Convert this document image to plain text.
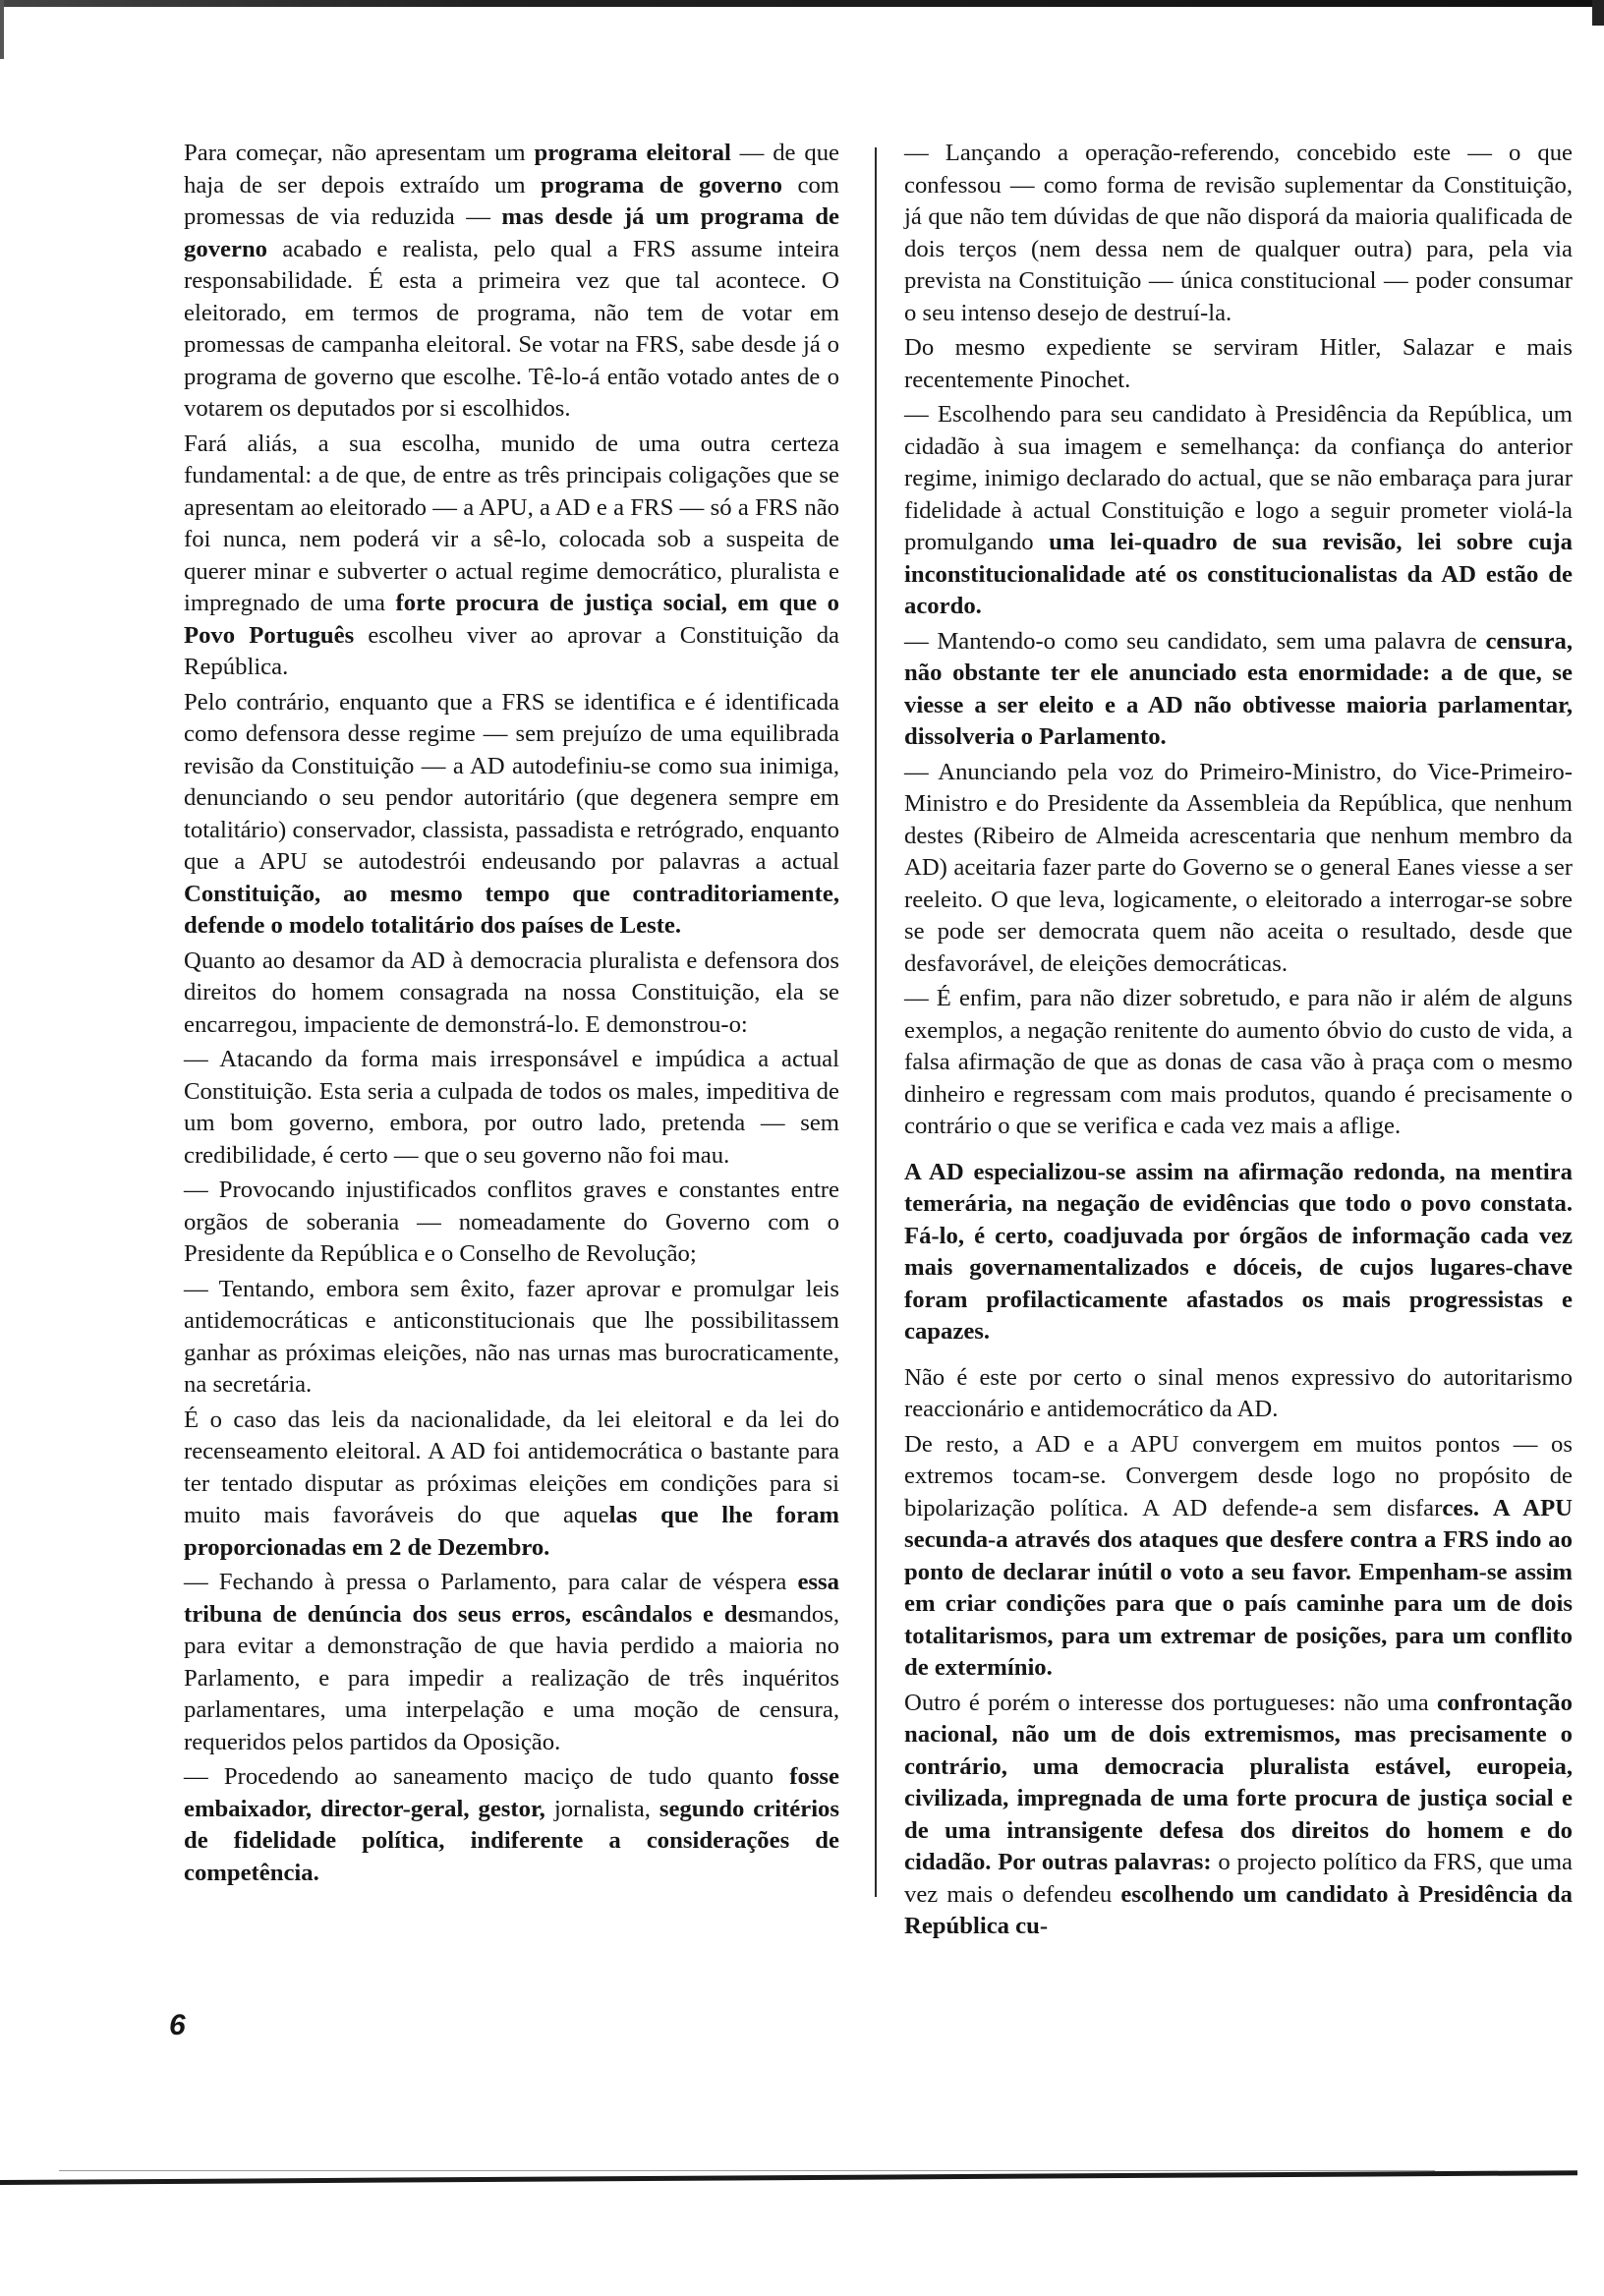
Para começar, não apresentam um programa eleitoral — de que haja de ser depois extraído um programa de governo com promessas de via reduzida — mas desde já um programa de governo acabado e realista, pelo qual a FRS assume inteira responsabilidade. É esta a primeira vez que tal acontece. O eleitorado, em termos de programa, não tem de votar em promessas de campanha eleitoral. Se votar na FRS, sabe desde já o programa de governo que escolhe. Tê-lo-á então votado antes de o votarem os deputados por si escolhidos.

Fará aliás, a sua escolha, munido de uma outra certeza fundamental: a de que, de entre as três principais coligações que se apresentam ao eleitorado — a APU, a AD e a FRS — só a FRS não foi nunca, nem poderá vir a sê-lo, colocada sob a suspeita de querer minar e subverter o actual regime democrático, pluralista e impregnado de uma forte procura de justiça social, em que o Povo Português escolheu viver ao aprovar a Constituição da República.

Pelo contrário, enquanto que a FRS se identifica e é identificada como defensora desse regime — sem prejuízo de uma equilibrada revisão da Constituição — a AD autodefiniu-se como sua inimiga, denunciando o seu pendor autoritário (que degenera sempre em totalitário) conservador, classista, passadista e retrógrado, enquanto que a APU se autodestrói endeusando por palavras a actual Constituição, ao mesmo tempo que contraditoriamente, defende o modelo totalitário dos países de Leste.

Quanto ao desamor da AD à democracia pluralista e defensora dos direitos do homem consagrada na nossa Constituição, ela se encarregou, impaciente de demonstrá-lo. E demonstrou-o:

— Atacando da forma mais irresponsável e impúdica a actual Constituição. Esta seria a culpada de todos os males, impeditiva de um bom governo, embora, por outro lado, pretenda — sem credibilidade, é certo — que o seu governo não foi mau.

— Provocando injustificados conflitos graves e constantes entre orgãos de soberania — nomeadamente do Governo com o Presidente da República e o Conselho de Revolução;

— Tentando, embora sem êxito, fazer aprovar e promulgar leis antidemocráticas e anticonstitucionais que lhe possibilitassem ganhar as próximas eleições, não nas urnas mas burocraticamente, na secretária.

É o caso das leis da nacionalidade, da lei eleitoral e da lei do recenseamento eleitoral. A AD foi antidemocrática o bastante para ter tentado disputar as próximas eleições em condições para si muito mais favoráveis do que aquelas que lhe foram proporcionadas em 2 de Dezembro.

— Fechando à pressa o Parlamento, para calar de véspera essa tribuna de denúncia dos seus erros, escândalos e desmandos, para evitar a demonstração de que havia perdido a maioria no Parlamento, e para impedir a realização de três inquéritos parlamentares, uma interpelação e uma moção de censura, requeridos pelos partidos da Oposição.

— Procedendo ao saneamento maciço de tudo quanto fosse embaixador, director-geral, gestor, jornalista, segundo critérios de fidelidade política, indiferente a considerações de competência.

— Lançando a operação-referendo, concebido este — o que confessou — como forma de revisão suplementar da Constituição, já que não tem dúvidas de que não disporá da maioria qualificada de dois terços (nem dessa nem de qualquer outra) para, pela via prevista na Constituição — única constitucional — poder consumar o seu intenso desejo de destruí-la.

Do mesmo expediente se serviram Hitler, Salazar e mais recentemente Pinochet.

— Escolhendo para seu candidato à Presidência da República, um cidadão à sua imagem e semelhança: da confiança do anterior regime, inimigo declarado do actual, que se não embaraça para jurar fidelidade à actual Constituição e logo a seguir prometer violá-la promulgando uma lei-quadro de sua revisão, lei sobre cuja inconstitucionalidade até os constitucionalistas da AD estão de acordo.

— Mantendo-o como seu candidato, sem uma palavra de censura, não obstante ter ele anunciado esta enormidade: a de que, se viesse a ser eleito e a AD não obtivesse maioria parlamentar, dissolveria o Parlamento.

— Anunciando pela voz do Primeiro-Ministro, do Vice-Primeiro-Ministro e do Presidente da Assembleia da República, que nenhum destes (Ribeiro de Almeida acrescentaria que nenhum membro da AD) aceitaria fazer parte do Governo se o general Eanes viesse a ser reeleito. O que leva, logicamente, o eleitorado a interrogar-se sobre se pode ser democrata quem não aceita o resultado, desde que desfavorável, de eleições democráticas.

— É enfim, para não dizer sobretudo, e para não ir além de alguns exemplos, a negação renitente do aumento óbvio do custo de vida, a falsa afirmação de que as donas de casa vão à praça com o mesmo dinheiro e regressam com mais produtos, quando é precisamente o contrário o que se verifica e cada vez mais a aflige.

A AD especializou-se assim na afirmação redonda, na mentira temerária, na negação de evidências que todo o povo constata. Fá-lo, é certo, coadjuvada por órgãos de informação cada vez mais governamentalizados e dóceis, de cujos lugares-chave foram profilacticamente afastados os mais progressistas e capazes.

Não é este por certo o sinal menos expressivo do autoritarismo reaccionário e antidemocrático da AD.

De resto, a AD e a APU convergem em muitos pontos — os extremos tocam-se. Convergem desde logo no propósito de bipolarização política. A AD defende-a sem disfarces. A APU secunda-a através dos ataques que desfere contra a FRS indo ao ponto de declarar inútil o voto a seu favor. Empenham-se assim em criar condições para que o país caminhe para um de dois totalitarismos, para um extremar de posições, para um conflito de extermínio.

Outro é porém o interesse dos portugueses: não uma confrontação nacional, não um de dois extremismos, mas precisamente o contrário, uma democracia pluralista estável, europeia, civilizada, impregnada de uma forte procura de justiça social e de uma intransigente defesa dos direitos do homem e do cidadão. Por outras palavras: o projecto político da FRS, que uma vez mais o defendeu escolhendo um candidato à Presidência da República cu-

6
